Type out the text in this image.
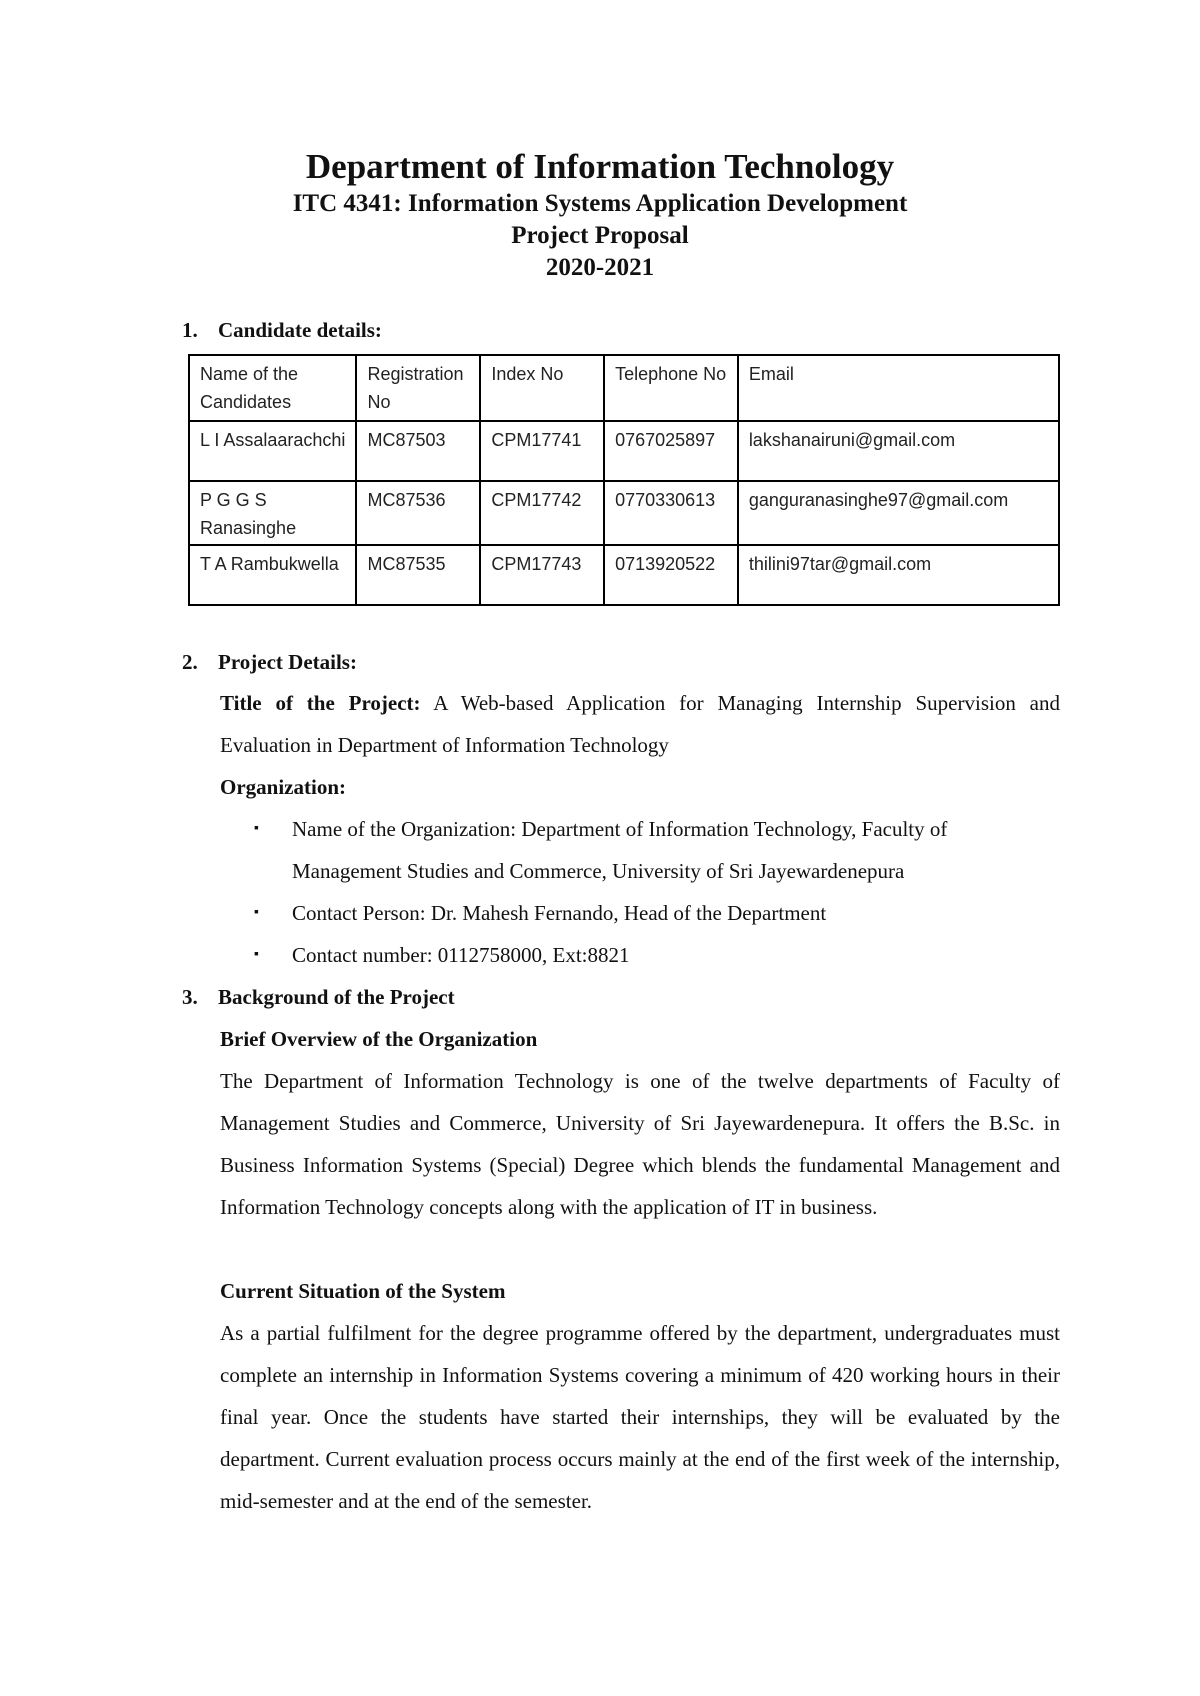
Department of Information Technology
ITC 4341: Information Systems Application Development
Project Proposal
2020-2021
1. Candidate details:
Name of the Candidates	Registration No	Index No	Telephone No	Email
L I Assalaarachchi	MC87503	CPM17741	0767025897	lakshanairuni@gmail.com
P G G S Ranasinghe	MC87536	CPM17742	0770330613	ganguranasinghe97@gmail.com
T A Rambukwella	MC87535	CPM17743	0713920522	thilini97tar@gmail.com
2. Project Details:
Title of the Project: A Web-based Application for Managing Internship Supervision and Evaluation in Department of Information Technology
Organization:
▪	Name of the Organization: Department of Information Technology, Faculty of Management Studies and Commerce, University of Sri Jayewardenepura
▪	Contact Person: Dr. Mahesh Fernando, Head of the Department
▪	Contact number: 0112758000, Ext:8821
3. Background of the Project
Brief Overview of the Organization
The Department of Information Technology is one of the twelve departments of Faculty of Management Studies and Commerce, University of Sri Jayewardenepura. It offers the B.Sc. in Business Information Systems (Special) Degree which blends the fundamental Management and Information Technology concepts along with the application of IT in business.
Current Situation of the System
As a partial fulfilment for the degree programme offered by the department, undergraduates must complete an internship in Information Systems covering a minimum of 420 working hours in their final year. Once the students have started their internships, they will be evaluated by the department. Current evaluation process occurs mainly at the end of the first week of the internship, mid-semester and at the end of the semester.
